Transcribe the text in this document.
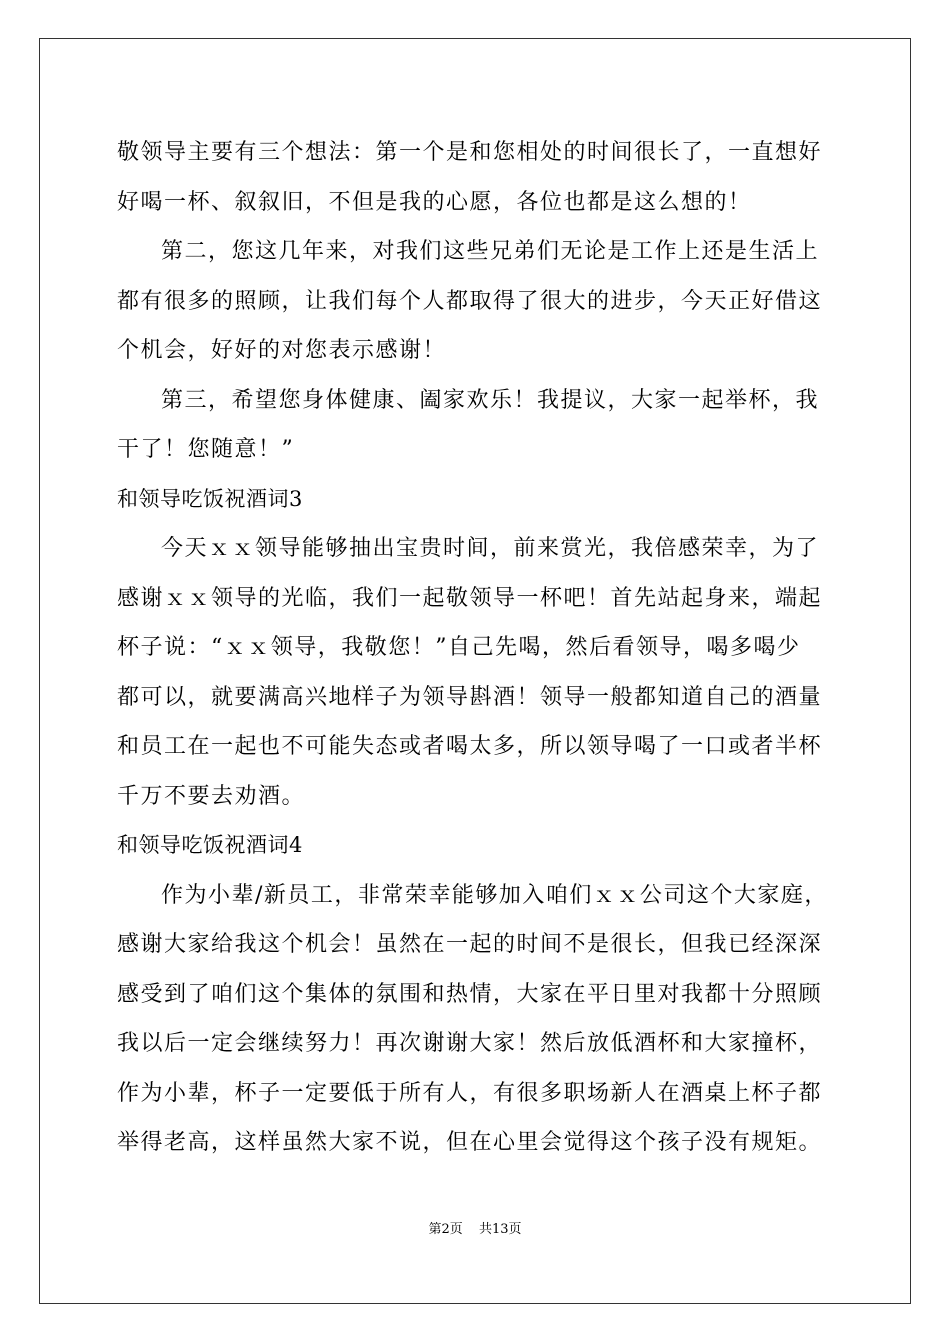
敬领导主要有三个想法：第一个是和您相处的时间很长了，一直想好
好喝一杯、叙叙旧，不但是我的心愿，各位也都是这么想的！
第二，您这几年来，对我们这些兄弟们无论是工作上还是生活上
都有很多的照顾，让我们每个人都取得了很大的进步，今天正好借这
个机会，好好的对您表示感谢！
第三，希望您身体健康、阖家欢乐！我提议，大家一起举杯，我
干了！您随意！”
和领导吃饭祝酒词3
今天ｘｘ领导能够抽出宝贵时间，前来赏光，我倍感荣幸，为了
感谢ｘｘ领导的光临，我们一起敬领导一杯吧！首先站起身来，端起
杯子说：“ｘｘ领导，我敬您！”自己先喝，然后看领导，喝多喝少
都可以，就要满高兴地样子为领导斟酒！领导一般都知道自己的酒量
和员工在一起也不可能失态或者喝太多，所以领导喝了一口或者半杯
千万不要去劝酒。
和领导吃饭祝酒词4
作为小辈/新员工，非常荣幸能够加入咱们ｘｘ公司这个大家庭，
感谢大家给我这个机会！虽然在一起的时间不是很长，但我已经深深
感受到了咱们这个集体的氛围和热情，大家在平日里对我都十分照顾
我以后一定会继续努力！再次谢谢大家！然后放低酒杯和大家撞杯，
作为小辈，杯子一定要低于所有人，有很多职场新人在酒桌上杯子都
举得老高，这样虽然大家不说，但在心里会觉得这个孩子没有规矩。
第2页 共13页
